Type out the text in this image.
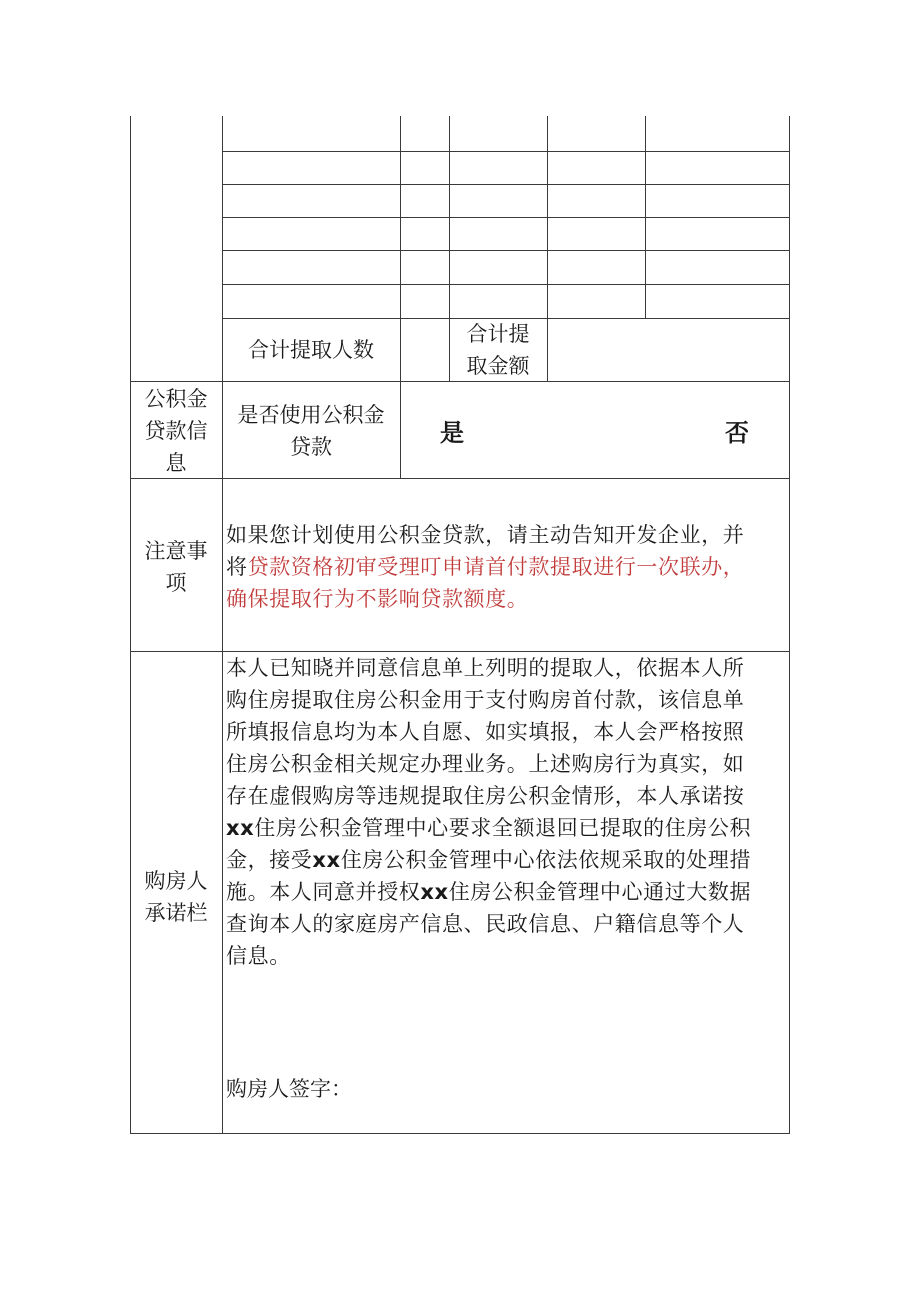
合计提取人数
合计提
取金额
公积金
贷款信
息
是否使用公积金
贷款	是	否
注意事
项
如果您计划使用公积金贷款，请主动告知开发企业，并
将贷款资格初审受理叮申请首付款提取进行一次联办，
确保提取行为不影响贷款额度。
购房人
承诺栏
本人已知晓并同意信息单上列明的提取人，依据本人所
购住房提取住房公积金用于支付购房首付款，该信息单
所填报信息均为本人自愿、如实填报，本人会严格按照
住房公积金相关规定办理业务。上述购房行为真实，如
存在虚假购房等违规提取住房公积金情形，本人承诺按
xx住房公积金管理中心要求全额退回已提取的住房公积
金，接受xx住房公积金管理中心依法依规采取的处理措
施。本人同意并授权xx住房公积金管理中心通过大数据
查询本人的家庭房产信息、民政信息、户籍信息等个人
信息。
购房人签字：
